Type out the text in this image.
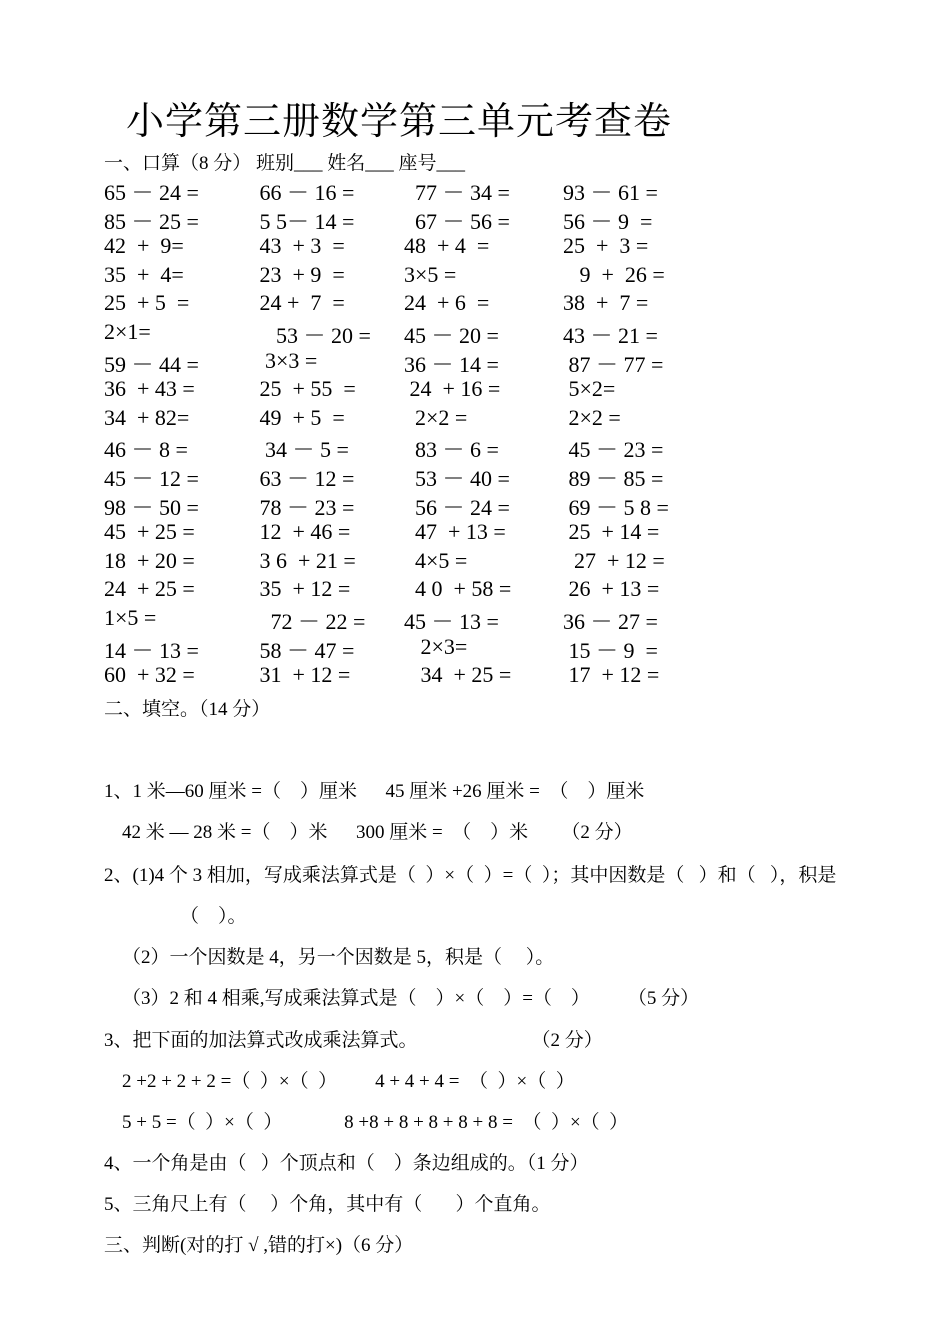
小学第三册数学第三单元考查卷
一、口算（8 分） 班别___ 姓名___ 座号___
65 － 24 =	66 － 16 = 77 － 34 = 93 － 61 =
85 － 25 =	5 5－ 14 = 67 － 56 = 56 － 9  =
42  +  9=	43  + 3  =	48  + 4  =	25  +  3 =
35  +  4=	23  + 9  =	3×5 =	9  +  26 =
25  + 5  =	24 +  7  =	24  + 6  =	38  +  7 =
2×1=	53 － 20 = 45 － 20 = 43 － 21 =
59 － 44 =	3×3 =	36 － 14 = 87 － 77 =
36  + 43 =	25  + 55  = 24  + 16 = 5×2=
34  + 82=	49  + 5  =	2×2 =	2×2 =
46 － 8 =	34 － 5 =	83 － 6 = 45 － 23 =
45 － 12 =	63 － 12 = 53 － 40 = 89 － 85 =
98 － 50 =	78 － 23 = 56 － 24 = 69 － 5 8 =
45  + 25 =	12  + 46 = 47  + 13 = 25  + 14 =
18  + 20 =	3 6  + 21 = 4×5 =	27  + 12 =
24  + 25 =	35  + 12 = 4 0  + 58 = 26  + 13 =
1×5 =	72 － 22 = 45 － 13 = 36 － 27 =
14 － 13 =	58 － 47 = 2×3=	15 － 9  =
60  + 32 =	31  + 12 = 34  + 25 = 17  + 12 =
二、填空。（14 分）
1、1 米—60 厘米 =（    ）厘米      45 厘米 +26 厘米 =  （    ）厘米
42 米 — 28 米 =（    ）米      300 厘米 =  （    ）米       （2 分）
2、(1)4 个 3 相加，写成乘法算式是（  ）×（  ）=（  ）；其中因数是（   ）和（   ），积是
（    ）。
（2）一个因数是 4，另一个因数是 5，积是（     ）。
（3）2 和 4 相乘,写成乘法算式是（    ）×（    ）=（    ）        （5 分）
3、把下面的加法算式改成乘法算式。                        （2 分）
2 +2 + 2 + 2 =（  ）×（  ）        4 + 4 + 4 =  （  ）×（  ）
5 + 5 =（  ）×（  ）             8 +8 + 8 + 8 + 8 + 8 =  （  ）×（  ）
4、一个角是由（   ）个顶点和（    ）条边组成的。（1 分）
5、三角尺上有（     ）个角，其中有（       ）个直角。
三、判断(对的打 √ ,错的打×)（6 分）
